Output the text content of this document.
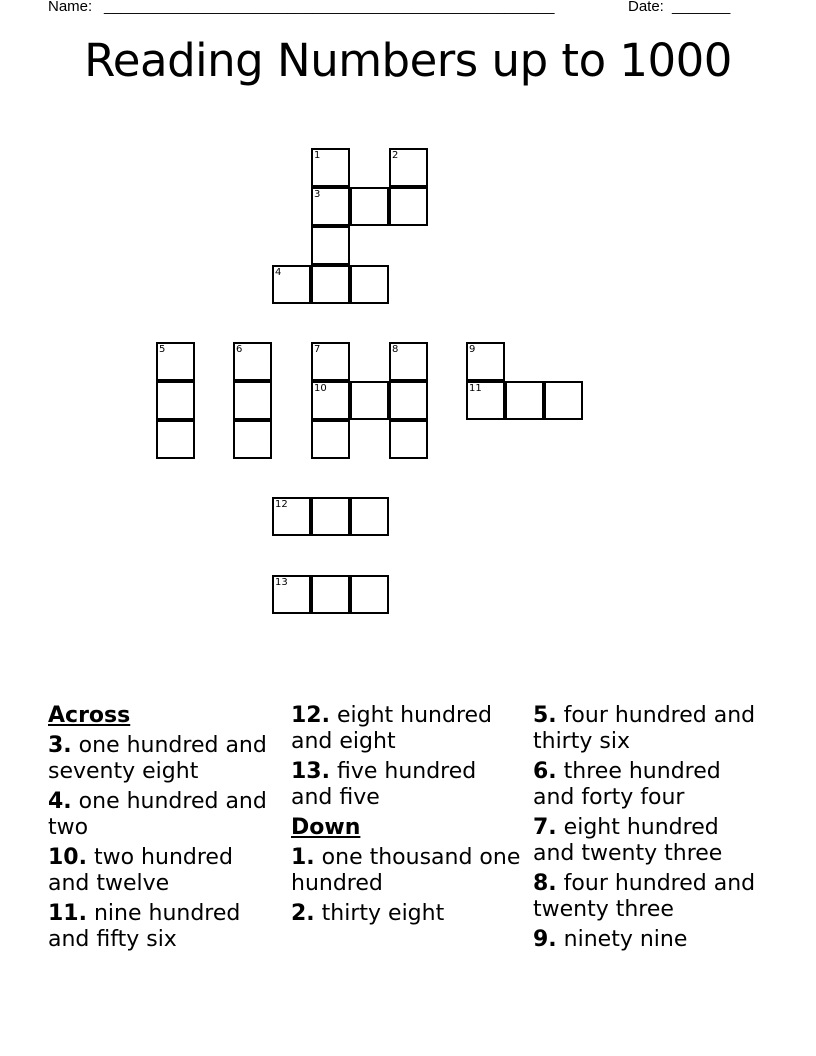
Name: ______________________________________________________	Date: _______
Reading Numbers up to 1000
1	2
3
4
5	6	7
10
8	9
11
12
13
Across
3. one hundred and seventy eight
4. one hundred and two
10. two hundred and twelve
11. nine hundred and fifty six
12. eight hundred and eight
13. five hundred and five
Down
1. one thousand one hundred
2. thirty eight
5. four hundred and thirty six
6. three hundred and forty four
7. eight hundred and twenty three
8. four hundred and twenty three
9. ninety nine
